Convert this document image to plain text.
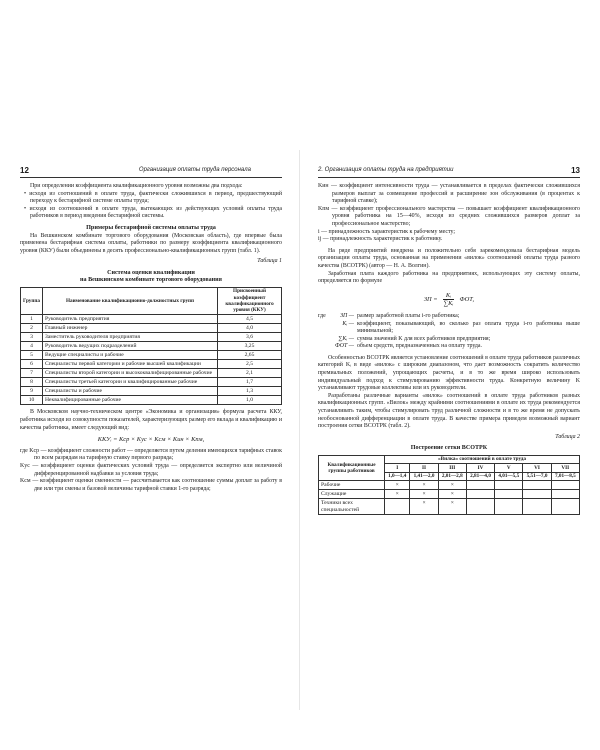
12	Организация оплаты труда персонала

При определении коэффициента квалификационного уровня возможны два подхода:

• исходя из соотношений в оплате труда, фактически сложившихся в период, предшествующий переходу к бестарифной системе оплаты труда;

• исходя из соотношений в оплате труда, вытекающих из действующих условий оплаты труда работников в период введения бестарифной системы.

Примеры бестарифной системы оплаты труда

На Вешкинском комбинате торгового оборудования (Московская область), где впервые была применена бестарифная система оплаты, работники по размеру коэффициента квалификационного уровня (ККУ) были объединены в десять профессионально-квалификационных групп (табл. 1).

Таблица 1
Система оценки квалификации
на Вешкинском комбинате торгового оборудования
Группа	Наименование квалификационно-должностных групп	Присвоенный коэффициент квалификационного уровня (ККУ)
1	Руководитель предприятия	4,5
2	Главный инженер	4,0
3	Заместитель руководителя предприятия	3,6
4	Руководитель ведущих подразделений	3,25
5	Ведущие специалисты и рабочие	2,65
6	Специалисты первой категории и рабочие высшей квалификации	2,5
7	Специалисты второй категории и высококвалифицированные рабочие	2,1
8	Специалисты третьей категории и квалифицированные рабочие	1,7
9	Специалисты и рабочие	1,3
10	Неквалифицированные рабочие	1,0

В Московском научно-техническом центре «Экономика и организация» формула расчета ККУ, работника исходя из совокупности показателей, характеризующих размер его вклада и квалификацию и качества работника, имеет следующий вид:

ККУᵢ = Kср × Kус × Kсм × Kин × Kпм,

где Kср — коэффициент сложности работ — определяется путем деления имеющихся тарифных ставок по всем разрядам на тарифную ставку первого разряда;

Kус — коэффициент оценки фактических условий труда — определяется экспертно или величиной дифференцированной надбавки за условия труда;

Kсм — коэффициент оценки сменности — рассчитывается как соотношение суммы доплат за работу в две или три смены и базовой величины тарифной ставки 1-го разряда;

2. Организация оплаты труда на предприятии	13

Kин — коэффициент интенсивности труда — устанавливается в пределах фактически сложившихся размеров выплат за совмещение профессий и расширение зон обслуживания (в процентах к тарифной ставке);

Kпм — коэффициент профессионального мастерства — повышает коэффициент квалификационного уровня работника на 15—40%, исходя из средних сложившихся размеров доплат за профессиональное мастерство;

i — принадлежность характеристик к рабочему месту;

ij — принадлежность характеристик к работнику.

На ряде предприятий внедрена и положительно себя зарекомендовала бестарифная модель организации оплаты труда, основанная на применении «вилок» соотношений оплаты труда разного качества (ВСОТРК) (автор — Н. А. Волгин).

Заработная плата каждого работника на предприятиях, использующих эту систему оплаты, определяется по формуле

ЗП = $\frac{\text{Kᵢ}}{\text{∑Kᵢ}}$ ФОТ,
где	ЗП — размер заработной платы i-го работника;
Kᵢ — коэффициент, показывающий, во сколько раз оплата труда i-го работника выше минимальной;
∑Kᵢ — сумма значений K для всех работников предприятия;
ФОТ — объем средств, предназначенных на оплату труда.

Особенностью ВСОТРК является установление соотношений в оплате труда работников различных категорий Kᵢ в виде «вилок» с широким диапазоном, что дает возможность сократить количество премиальных положений, упрощающих расчеты, и в то же время широко использовать индивидуальный подход к стимулированию эффективности труда. Конкретную величину K устанавливают трудовые коллективы или их руководители.

Разработаны различные варианты «вилок» соотношений в оплате труда работников разных квалификационных групп. «Вилок» между крайними соотношениями в оплате их труда рекомендуется устанавливать таким, чтобы стимулировать труд различной сложности и в то же время не допускать необоснованной дифференциации в оплате труда. В качестве примера приведем возможный вариант построения сетки ВСОТРК (табл. 2).

Таблица 2
Построение сетки ВСОТРК
Квалификационные группы работников	«Вилка» соотношений в оплате труда						
	I	II	III	IV	V	VI	VII
	1,0—1,4	1,41—2,0	2,01—2,8	2,81—4,0	4,01—5,5	5,51—7,0	7,01—8,5
Рабочие	×	×	×				
Служащие	×	×	×				
Техники всех специальностей		×	×				
